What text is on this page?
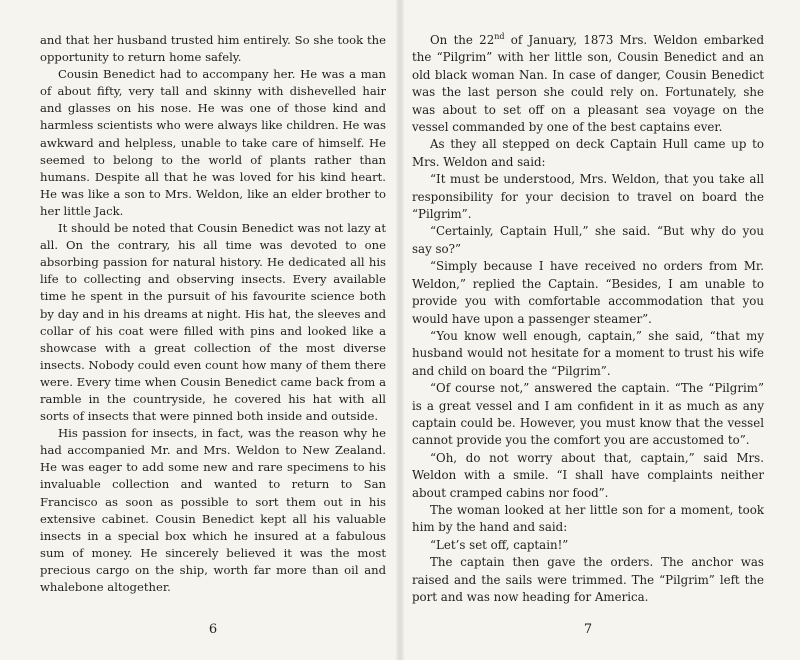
and that her husband trusted him entirely. So she took the opportunity to return home safely.

Cousin Benedict had to accompany her. He was a man of about fifty, very tall and skinny with dishevelled hair and glasses on his nose. He was one of those kind and harmless scientists who were always like children. He was awkward and helpless, unable to take care of himself. He seemed to belong to the world of plants rather than humans. Despite all that he was loved for his kind heart. He was like a son to Mrs. Weldon, like an elder brother to her little Jack.

It should be noted that Cousin Benedict was not lazy at all. On the contrary, his all time was devoted to one absorbing passion for natural history. He dedicated all his life to collecting and observing insects. Every available time he spent in the pursuit of his favourite science both by day and in his dreams at night. His hat, the sleeves and collar of his coat were filled with pins and looked like a showcase with a great collection of the most diverse insects. Nobody could even count how many of them there were. Every time when Cousin Benedict came back from a ramble in the countryside, he covered his hat with all sorts of insects that were pinned both inside and outside.

His passion for insects, in fact, was the reason why he had accompanied Mr. and Mrs. Weldon to New Zealand. He was eager to add some new and rare specimens to his invaluable collection and wanted to return to San Francisco as soon as possible to sort them out in his extensive cabinet. Cousin Benedict kept all his valuable insects in a special box which he insured at a fabulous sum of money. He sincerely believed it was the most precious cargo on the ship, worth far more than oil and whalebone altogether.

6

On the 22nd of January, 1873 Mrs. Weldon embarked the “Pilgrim” with her little son, Cousin Benedict and an old black woman Nan. In case of danger, Cousin Benedict was the last person she could rely on. Fortunately, she was about to set off on a pleasant sea voyage on the vessel commanded by one of the best captains ever.

As they all stepped on deck Captain Hull came up to Mrs. Weldon and said:

“It must be understood, Mrs. Weldon, that you take all responsibility for your decision to travel on board the “Pilgrim”.

“Certainly, Captain Hull,” she said. “But why do you say so?”

“Simply because I have received no orders from Mr. Weldon,” replied the Captain. “Besides, I am unable to provide you with comfortable accommodation that you would have upon a passenger steamer”.

“You know well enough, captain,” she said, “that my husband would not hesitate for a moment to trust his wife and child on board the “Pilgrim”.

“Of course not,” answered the captain. “The “Pilgrim” is a great vessel and I am confident in it as much as any captain could be. However, you must know that the vessel cannot provide you the comfort you are accustomed to”.

“Oh, do not worry about that, captain,” said Mrs. Weldon with a smile. “I shall have complaints neither about cramped cabins nor food”.

The woman looked at her little son for a moment, took him by the hand and said:

“Let’s set off, captain!”

The captain then gave the orders. The anchor was raised and the sails were trimmed. The “Pilgrim” left the port and was now heading for America.

7
